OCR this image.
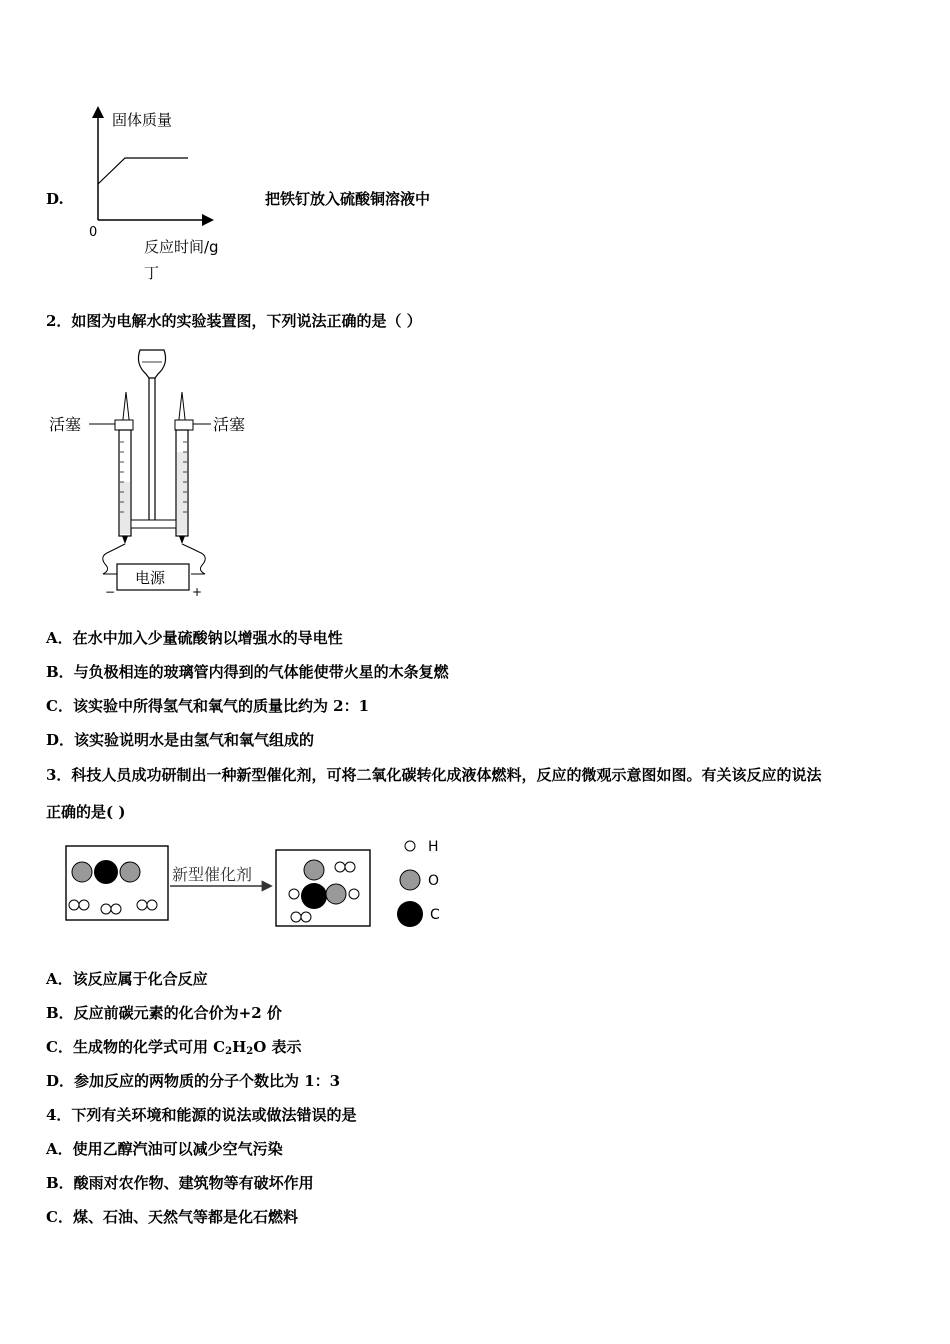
D.
固体质量
0
反应时间/g
丁
把铁钉放入硫酸铜溶液中
2．如图为电解水的实验装置图，下列说法正确的是（ ）
电源
−	+
活塞	活塞
A．在水中加入少量硫酸钠以增强水的导电性
B．与负极相连的玻璃管内得到的气体能使带火星的木条复燃
C．该实验中所得氢气和氧气的质量比约为 2：1
D．该实验说明水是由氢气和氧气组成的
3．科技人员成功研制出一种新型催化剂，可将二氧化碳转化成液体燃料，反应的微观示意图如图。有关该反应的说法
正确的是( )
新型催化剂
H
O
C
A．该反应属于化合反应
B．反应前碳元素的化合价为+2 价
C．生成物的化学式可用 $C_2H_2O$ 表示
D．参加反应的两物质的分子个数比为 1：3
4．下列有关环境和能源的说法或做法错误的是
A．使用乙醇汽油可以减少空气污染
B．酸雨对农作物、建筑物等有破坏作用
C．煤、石油、天然气等都是化石燃料
